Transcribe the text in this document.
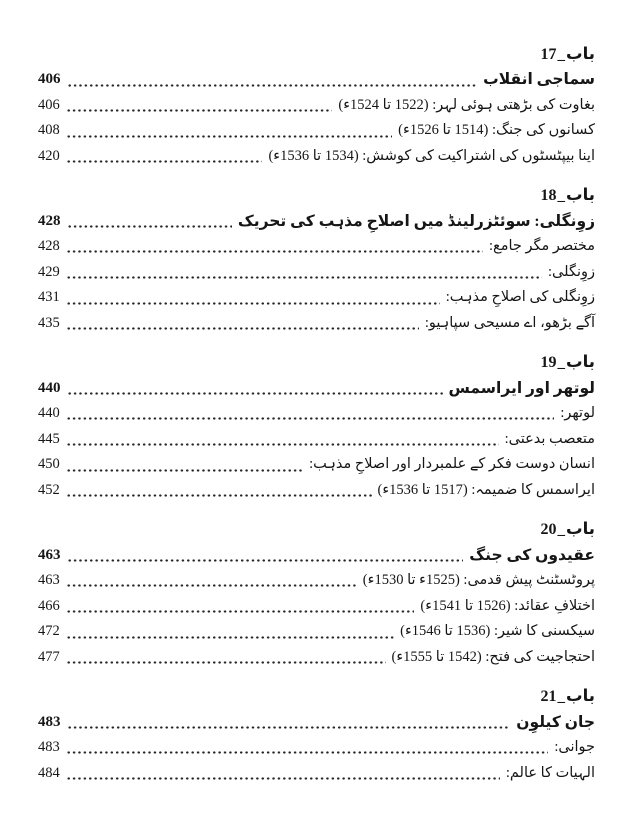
17_باب
406	سماجی انقلاب
406	بغاوت کی بڑھتی ہوئی لہر: (1522 تا 1524ء)
408	کسانوں کی جنگ: (1514 تا 1526ء)
420	اینا بیپٹسٹوں کی اشتراکیت کی کوشش: (1534 تا 1536ء)
18_باب
428	زوِنگلی: سوئٹزرلینڈ میں اصلاحِ مذہب کی تحریک
428	مختصر مگر جامع:
429	زوِنگلی:
431	زوِنگلی کی اصلاحِ مذہب:
435	آگے بڑھو، اے مسیحی سپاہیو:
19_باب
440	لوتھر اور ایراسمس
440	لوتھر:
445	متعصب بدعتی:
450	انسان دوست فکر کے علمبردار اور اصلاحِ مذہب:
452	ایراسمس کا ضمیمہ: (1517 تا 1536ء)
20_باب
463	عقیدوں کی جنگ
463	پروٹسٹنٹ پیش قدمی: (1525ء تا 1530ء)
466	اختلافِ عقائد: (1526 تا 1541ء)
472	سیکسنی کا شیر: (1536 تا 1546ء)
477	احتجاجیت کی فتح: (1542 تا 1555ء)
21_باب
483	جان کیلوِن
483	جوانی:
484	الہیات کا عالم:
